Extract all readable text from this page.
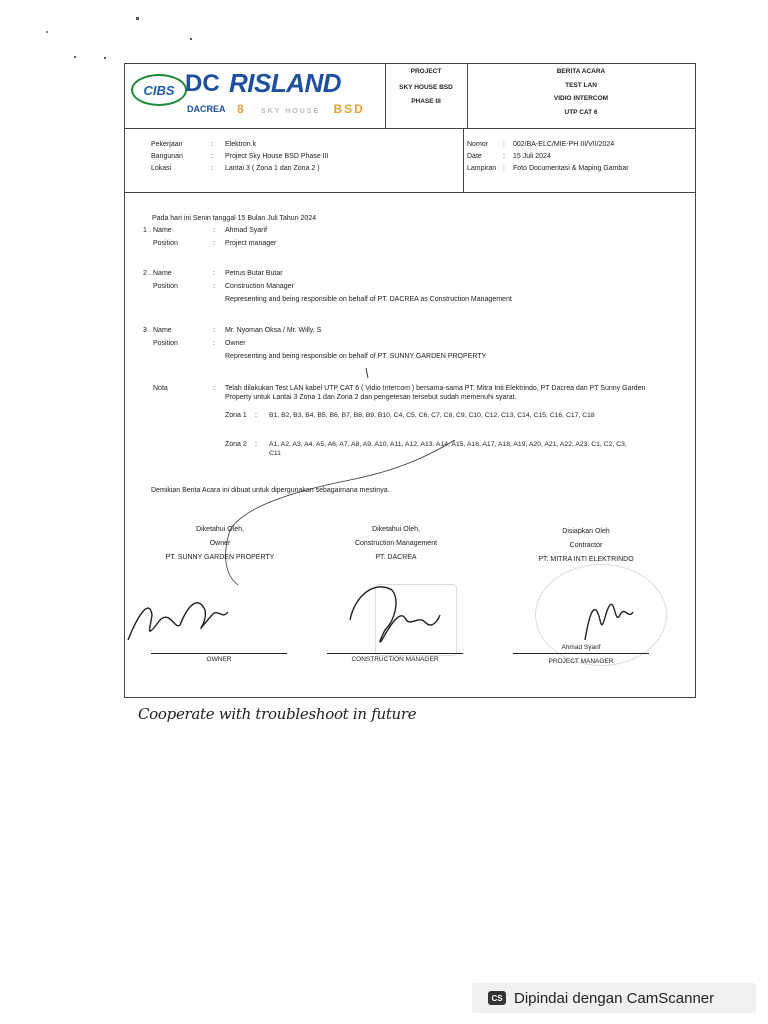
CIBS DC
DACREA
RISLAND
8 SKY HOUSE BSD
PROJECT
SKY HOUSE BSD
PHASE III
BERITA ACARA
TEST LAN
VIDIO INTERCOM
UTP CAT 6
Pekerjaan	:	Elektron.k
Bangunan	:	Project Sky House BSD Phase III
Lokasi	:	Lantai 3 ( Zona 1 dan Zona 2 )
Nomor	:	002/BA-ELC/MIE-PH III/VII/2024
Date	:	15 Juli 2024
Lampiran :	Foto Documentasi & Maping Gambar
Pada hari ini Senin tanggal 15 Bulan Juli Tahun 2024
1 . Name	:	Ahmad Syarif
Position	:	Project manager
2 . Name	:	Petrus Butar Butar
Position	:	Construction Manager
Representing and being responsible on behalf of PT. DACREA as Construction Management
3 . Name	:	Mr. Nyoman Oksa / Mr. Willy. S
Position	:	Owner
Representing and being responsible on behalf of PT. SUNNY GARDEN PROPERTY
Nota	:	Telah dilakukan Test LAN kabel UTP CAT 6 ( Vidio Intercom ) bersama-sama PT. Mitra Inti Elektrindo, PT Dacrea dan PT Sunny Garden
Property untuk Lantai 3 Zona 1 dan Zona 2 dan pengetesan tersebut sudah memenuhi syarat.
Zona 1	:	B1, B2, B3, B4, B5, B6, B7, B8, B9, B10, C4, C5, C6, C7, C8, C9, C10, C12, C13, C14, C15, C16, C17, C18
Zona 2	:	A1, A2, A3, A4, A5, A6, A7, A8, A9, A10, A11, A12, A13, A14, A15, A16, A17, A18, A19, A20, A21, A22, A23, C1, C2, C3,
C11
Demikian Berita Acara ini dibuat untuk dipergunakan sebagaimana mestinya.
Diketahui Oleh,
Owner
PT. SUNNY GARDEN PROPERTY
Diketahui Oleh,
Construction Management
PT. DACREA
Disiapkan Oleh
Contractor
PT. MITRA INTI ELEKTRINDO
OWNER	CONSTRUCTION MANAGER
Ahmad Syarif
PROJECT MANAGER
Cooperate with troubleshoot in future
CS Dipindai dengan CamScanner
